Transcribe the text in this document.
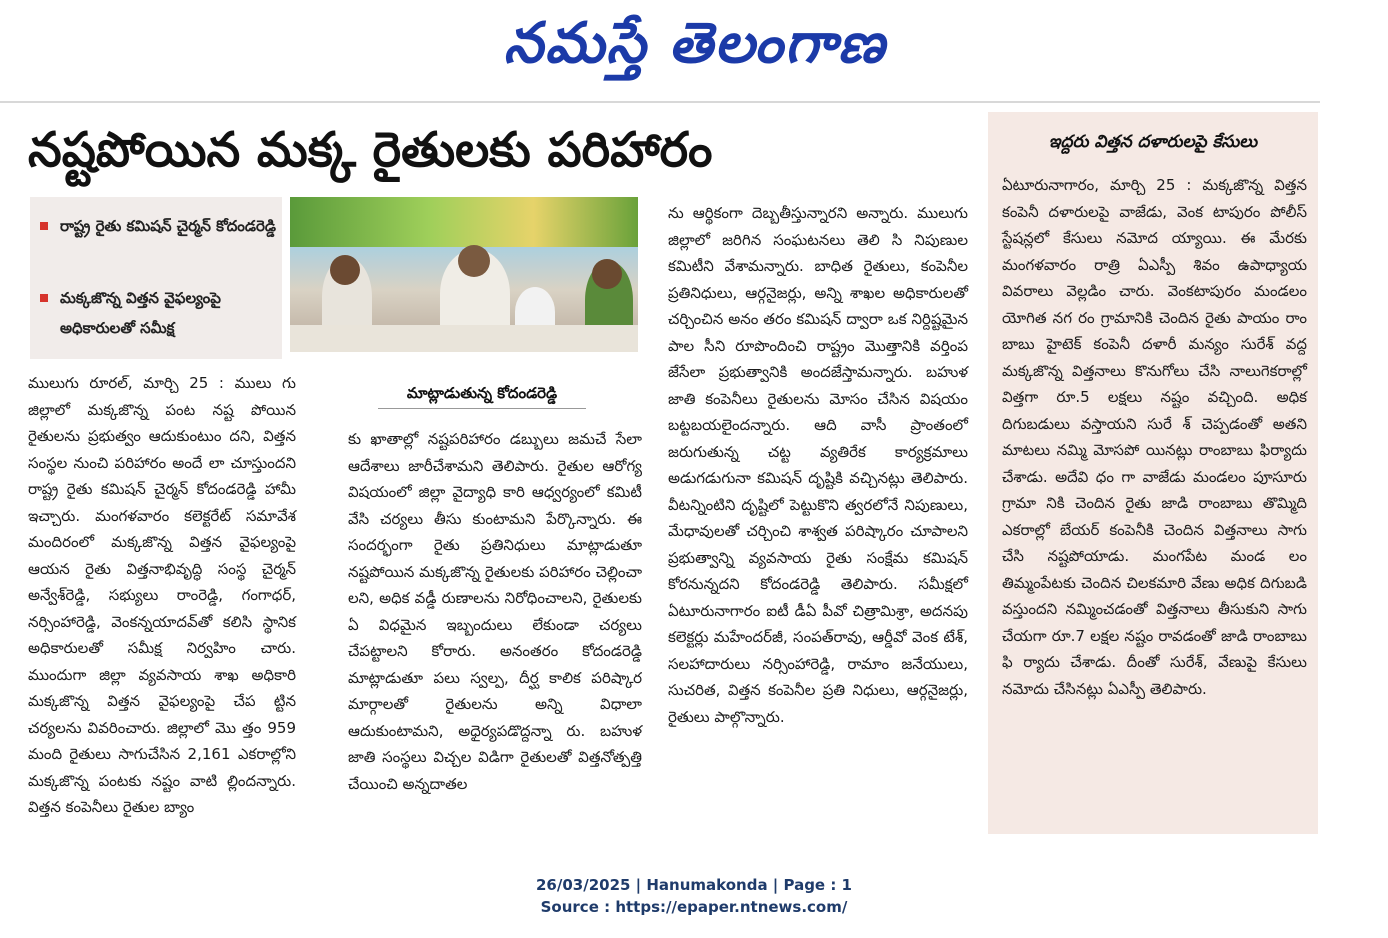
నమస్తే తెలంగాణ
నష్టపోయిన మక్క రైతులకు పరిహారం
రాష్ట్ర రైతు కమిషన్ చైర్మన్ కోదండరెడ్డి
మక్కజొన్న విత్తన వైఫల్యంపై అధికారులతో సమీక్ష
మాట్లాడుతున్న కోదండరెడ్డి

ములుగు రూరల్, మార్చి 25 : ములు గు జిల్లాలో మక్కజొన్న పంట నష్ట పోయిన రైతులను ప్రభుత్వం ఆదుకుంటుం దని, విత్తన సంస్థల నుంచి పరిహారం అందే లా చూస్తుందని రాష్ట్ర రైతు కమిషన్ చైర్మన్ కోదండరెడ్డి హామీ ఇచ్చారు. మంగళవారం కలెక్టరేట్ సమావేశ మందిరంలో మక్కజొన్న విత్తన వైఫల్యంపై ఆయన రైతు విత్తనాభివృద్ధి సంస్థ చైర్మన్ అన్వేశ్‌రెడ్డి, సభ్యులు రాంరెడ్డి, గంగాధర్, నర్సింహారెడ్డి, వెంకన్నయాదవ్‌తో కలిసి స్థానిక అధికారులతో సమీక్ష నిర్వహిం చారు. ముందుగా జిల్లా వ్యవసాయ శాఖ అధికారి మక్కజొన్న విత్తన వైఫల్యంపై చేప ట్టిన చర్యలను వివరించారు. జిల్లాలో మొ త్తం 959 మంది రైతులు సాగుచేసిన 2,161 ఎకరాల్లోని మక్కజొన్న పంటకు నష్టం వాటి ల్లిందన్నారు. విత్తన కంపెనీలు రైతుల బ్యాం

కు ఖాతాల్లో నష్టపరిహారం డబ్బులు జమచే సేలా ఆదేశాలు జారీచేశామని తెలిపారు. రైతుల ఆరోగ్య విషయంలో జిల్లా వైద్యాధి కారి ఆధ్వర్యంలో కమిటీ వేసి చర్యలు తీసు కుంటామని పేర్కొన్నారు. ఈ సందర్భంగా రైతు ప్రతినిధులు మాట్లాడుతూ నష్టపోయిన మక్కజొన్న రైతులకు పరిహారం చెల్లించా లని, అధిక వడ్డీ రుణాలను నిరోధించాలని, రైతులకు ఏ విధమైన ఇబ్బందులు లేకుండా చర్యలు చేపట్టాలని కోరారు. అనంతరం కోదండరెడ్డి మాట్లాడుతూ పలు స్వల్ప, దీర్ఘ కాలిక పరిష్కార మార్గాలతో రైతులను అన్ని విధాలా ఆదుకుంటామని, అధైర్యపడొద్దన్నా రు. బహుళ జాతి సంస్థలు విచ్చల విడిగా రైతులతో విత్తనోత్పత్తి చేయించి అన్నదాతల

ను ఆర్థికంగా దెబ్బతీస్తున్నారని అన్నారు. ములుగు జిల్లాలో జరిగిన సంఘటనలు తెలి సి నిపుణుల కమిటీని వేశామన్నారు. బాధిత రైతులు, కంపెనీల ప్రతినిధులు, ఆర్గనైజర్లు, అన్ని శాఖల అధికారులతో చర్చించిన అనం తరం కమిషన్ ద్వారా ఒక నిర్దిష్టమైన పాల సీని రూపొందించి రాష్ట్రం మొత్తానికి వర్తింప జేసేలా ప్రభుత్వానికి అందజేస్తామన్నారు. బహుళ జాతి కంపెనీలు రైతులను మోసం చేసిన విషయం బట్టబయలైందన్నారు. ఆది వాసీ ప్రాంతంలో జరుగుతున్న చట్ట వ్యతిరేక కార్యక్రమాలు అడుగడుగునా కమిషన్ దృష్టికి వచ్చినట్లు తెలిపారు. వీటన్నింటిని దృష్టిలో పెట్టుకొని త్వరలోనే నిపుణులు, మేధావులతో చర్చించి శాశ్వత పరిష్కారం చూపాలని ప్రభుత్వాన్ని వ్యవసాయ రైతు సంక్షేమ కమిషన్ కోరనున్నదని కోదండరెడ్డి తెలిపారు. సమీక్షలో ఏటూరునాగారం ఐటీ డీఏ పీవో చిత్రామిశ్రా, అదనపు కలెక్టర్లు మహేందర్‌జీ, సంపత్‌రావు, ఆర్డీవో వెంక టేశ్, సలహాదారులు నర్సింహారెడ్డి, రామాం జనేయులు, సుచరిత, విత్తన కంపెనీల ప్రతి నిధులు, ఆర్గనైజర్లు, రైతులు పాల్గొన్నారు.

ఇద్దరు విత్తన దళారులపై కేసులు
ఏటూరునాగారం, మార్చి 25 : మక్కజొన్న విత్తన కంపెనీ దళారులపై వాజేడు, వెంక టాపురం పోలీస్ స్టేషన్లలో కేసులు నమోద య్యాయి. ఈ మేరకు మంగళవారం రాత్రి ఏఎస్పీ శివం ఉపాధ్యాయ వివరాలు వెల్లడిం చారు. వెంకటాపురం మండలం యోగిత నగ రం గ్రామానికి చెందిన రైతు పాయం రాం బాబు హైటెక్ కంపెనీ దళారీ మన్యం సురేశ్ వద్ద మక్కజొన్న విత్తనాలు కొనుగోలు చేసి నాలుగెకరాల్లో విత్తగా రూ.5 లక్షలు నష్టం వచ్చింది. అధిక దిగుబడులు వస్తాయని సురే శ్ చెప్పడంతో అతని మాటలు నమ్మి మోసపో యినట్లు రాంబాబు ఫిర్యాదు చేశాడు. అదేవి ధం గా వాజేడు మండలం పూసూరు గ్రామా నికి చెందిన రైతు జాడి రాంబాబు తొమ్మిది ఎకరాల్లో బేయర్ కంపెనీకి చెందిన విత్తనాలు సాగు చేసి నష్టపోయాడు. మంగపేట మండ లం తిమ్మంపేటకు చెందిన చిలకమారి వేణు అధిక దిగుబడి వస్తుందని నమ్మించడంతో విత్తనాలు తీసుకుని సాగు చేయగా రూ.7 లక్షల నష్టం రావడంతో జాడి రాంబాబు ఫి ర్యాదు చేశాడు. దీంతో సురేశ్, వేణుపై కేసులు నమోదు చేసినట్లు ఏఎస్పీ తెలిపారు.
26/03/2025 | Hanumakonda | Page : 1
Source : https://epaper.ntnews.com/
